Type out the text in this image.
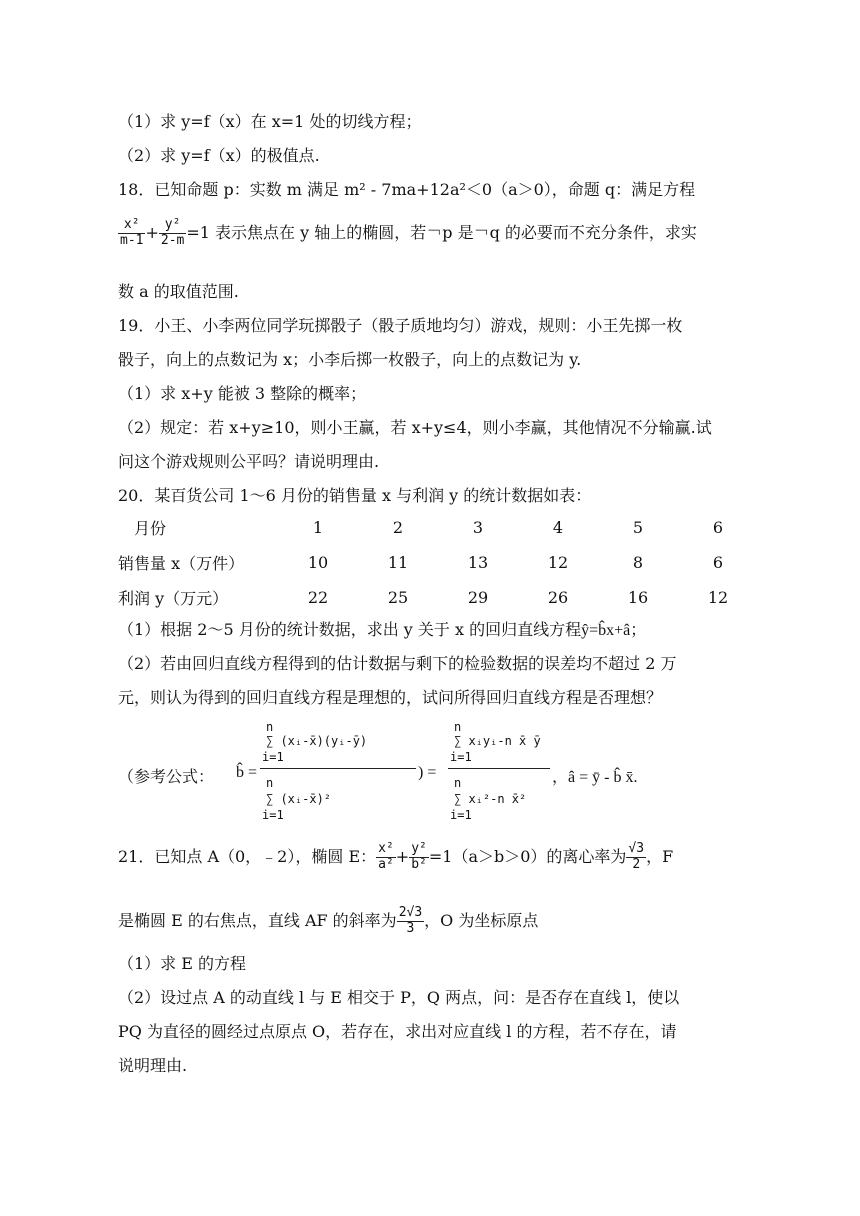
（1）求 y=f（x）在 x=1 处的切线方程；
（2）求 y=f（x）的极值点.
18．已知命题 p：实数 m 满足 m² ‑ 7ma+12a²＜0（a＞0），命题 q：满足方程
$\frac{\text{x²}}{m-1} + \frac{\text{y²}}{2-m} =1$ 表示焦点在 y 轴上的椭圆，若￢p 是￢q 的必要而不充分条件，求实
数 a 的取值范围.
19．小王、小李两位同学玩掷骰子（骰子质地均匀）游戏，规则：小王先掷一枚
骰子，向上的点数记为 x；小李后掷一枚骰子，向上的点数记为 y.
（1）求 x+y 能被 3 整除的概率；
（2）规定：若 x+y≥10，则小王赢，若 x+y≤4，则小李赢，其他情况不分输赢.试
问这个游戏规则公平吗？请说明理由.
20．某百货公司 1～6 月份的销售量 x 与利润 y 的统计数据如表：
　月份	1	2	3	4	5	6
销售量 x（万件）	10	11	13	12	8	6
利润 y（万元）	22	25	29	26	16	12
（1）根据 2～5 月份的统计数据，求出 y 关于 x 的回归直线方程ŷ=b̂x+â；
（2）若由回归直线方程得到的估计数据与剩下的检验数据的误差均不超过 2 万
元，则认为得到的回归直线方程是理想的，试问所得回归直线方程是否理想？
（参考公式： b̂ =
n
∑ (xᵢ‑x̄)(yᵢ‑ȳ)
i=1
n
∑ (xᵢ‑x̄)²
i=1
) =
n
∑ xᵢyᵢ‑n x̄ ȳ
i=1
n
∑ xᵢ²‑n x̄²
i=1
，â = ȳ ‑ b̂ x̄.
21．已知点 A（0，﹣2），椭圆 E： $\frac{\text{x²}}{\text{a²}} + \frac{\text{y²}}{\text{b²}} =1(a>b>0)$的离心率为 $\frac{√3}{2}$ ，F
是椭圆 E 的右焦点，直线 AF 的斜率为 $\frac{2√3}{3}$ ，O 为坐标原点
（1）求 E 的方程
（2）设过点 A 的动直线 l 与 E 相交于 P，Q 两点，问：是否存在直线 l，使以
PQ 为直径的圆经过点原点 O，若存在，求出对应直线 l 的方程，若不存在，请
说明理由.
